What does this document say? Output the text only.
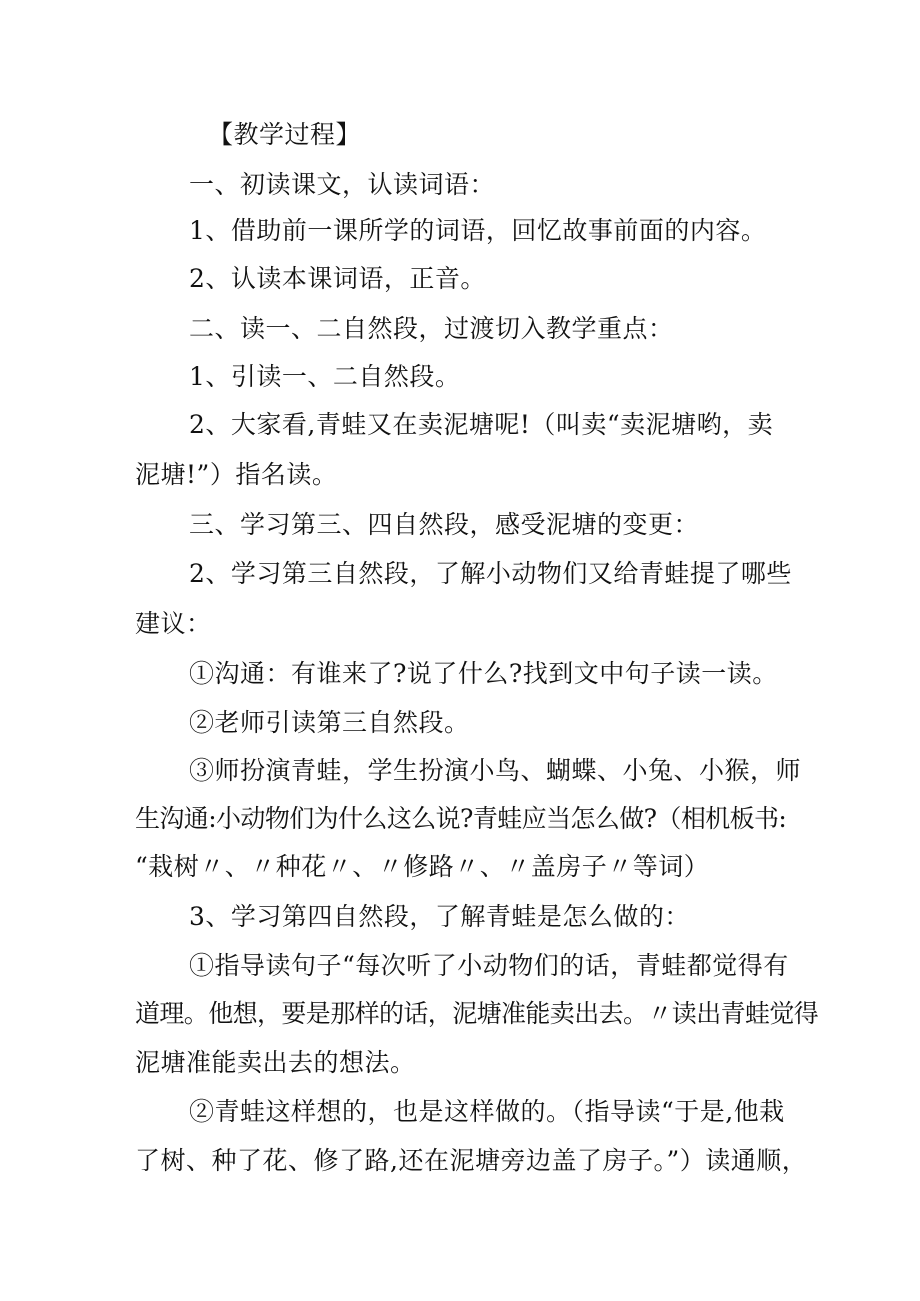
【教学过程】
一、初读课文，认读词语：
1、借助前一课所学的词语，回忆故事前面的内容。
2、认读本课词语，正音。
二、读一、二自然段，过渡切入教学重点：
1、引读一、二自然段。
2、大家看,青蛙又在卖泥塘呢!（叫卖“卖泥塘哟，卖
泥塘!”）指名读。
三、学习第三、四自然段，感受泥塘的变更：
2、学习第三自然段，了解小动物们又给青蛙提了哪些
建议：
①沟通：有谁来了?说了什么?找到文中句子读一读。
②老师引读第三自然段。
③师扮演青蛙，学生扮演小鸟、蝴蝶、小兔、小猴，师
生沟通:小动物们为什么这么说?青蛙应当怎么做?（相机板书:
“栽树〃、〃种花〃、〃修路〃、〃盖房子〃等词）
3、学习第四自然段，了解青蛙是怎么做的：
①指导读句子“每次听了小动物们的话，青蛙都觉得有
道理。他想，要是那样的话，泥塘准能卖出去。〃读出青蛙觉得
泥塘准能卖出去的想法。
②青蛙这样想的，也是这样做的。（指导读“于是,他栽
了树、种了花、修了路,还在泥塘旁边盖了房子。”）读通顺，
